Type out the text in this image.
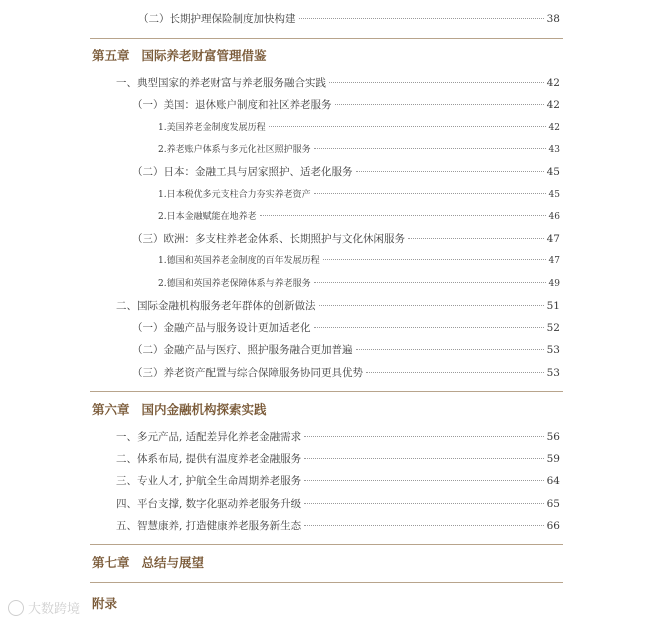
（二）长期护理保险制度加快构建	38
第五章 国际养老财富管理借鉴
一、典型国家的养老财富与养老服务融合实践	42
（一）美国：退休账户制度和社区养老服务	42
1.美国养老金制度发展历程	42
2.养老账户体系与多元化社区照护服务	43
（二）日本：金融工具与居家照护、适老化服务	45
1.日本税优多元支柱合力夯实养老资产	45
2.日本金融赋能在地养老	46
（三）欧洲：多支柱养老金体系、长期照护与文化休闲服务	47
1.德国和英国养老金制度的百年发展历程	47
2.德国和英国养老保障体系与养老服务	49
二、国际金融机构服务老年群体的创新做法	51
（一）金融产品与服务设计更加适老化	52
（二）金融产品与医疗、照护服务融合更加普遍	53
（三）养老资产配置与综合保障服务协同更具优势	53
第六章 国内金融机构探索实践
一、多元产品, 适配差异化养老金融需求	56
二、体系布局, 提供有温度养老金融服务	59
三、专业人才, 护航全生命周期养老服务	64
四、平台支撑, 数字化驱动养老服务升级	65
五、智慧康养, 打造健康养老服务新生态	66
第七章 总结与展望
附录
大数跨境
